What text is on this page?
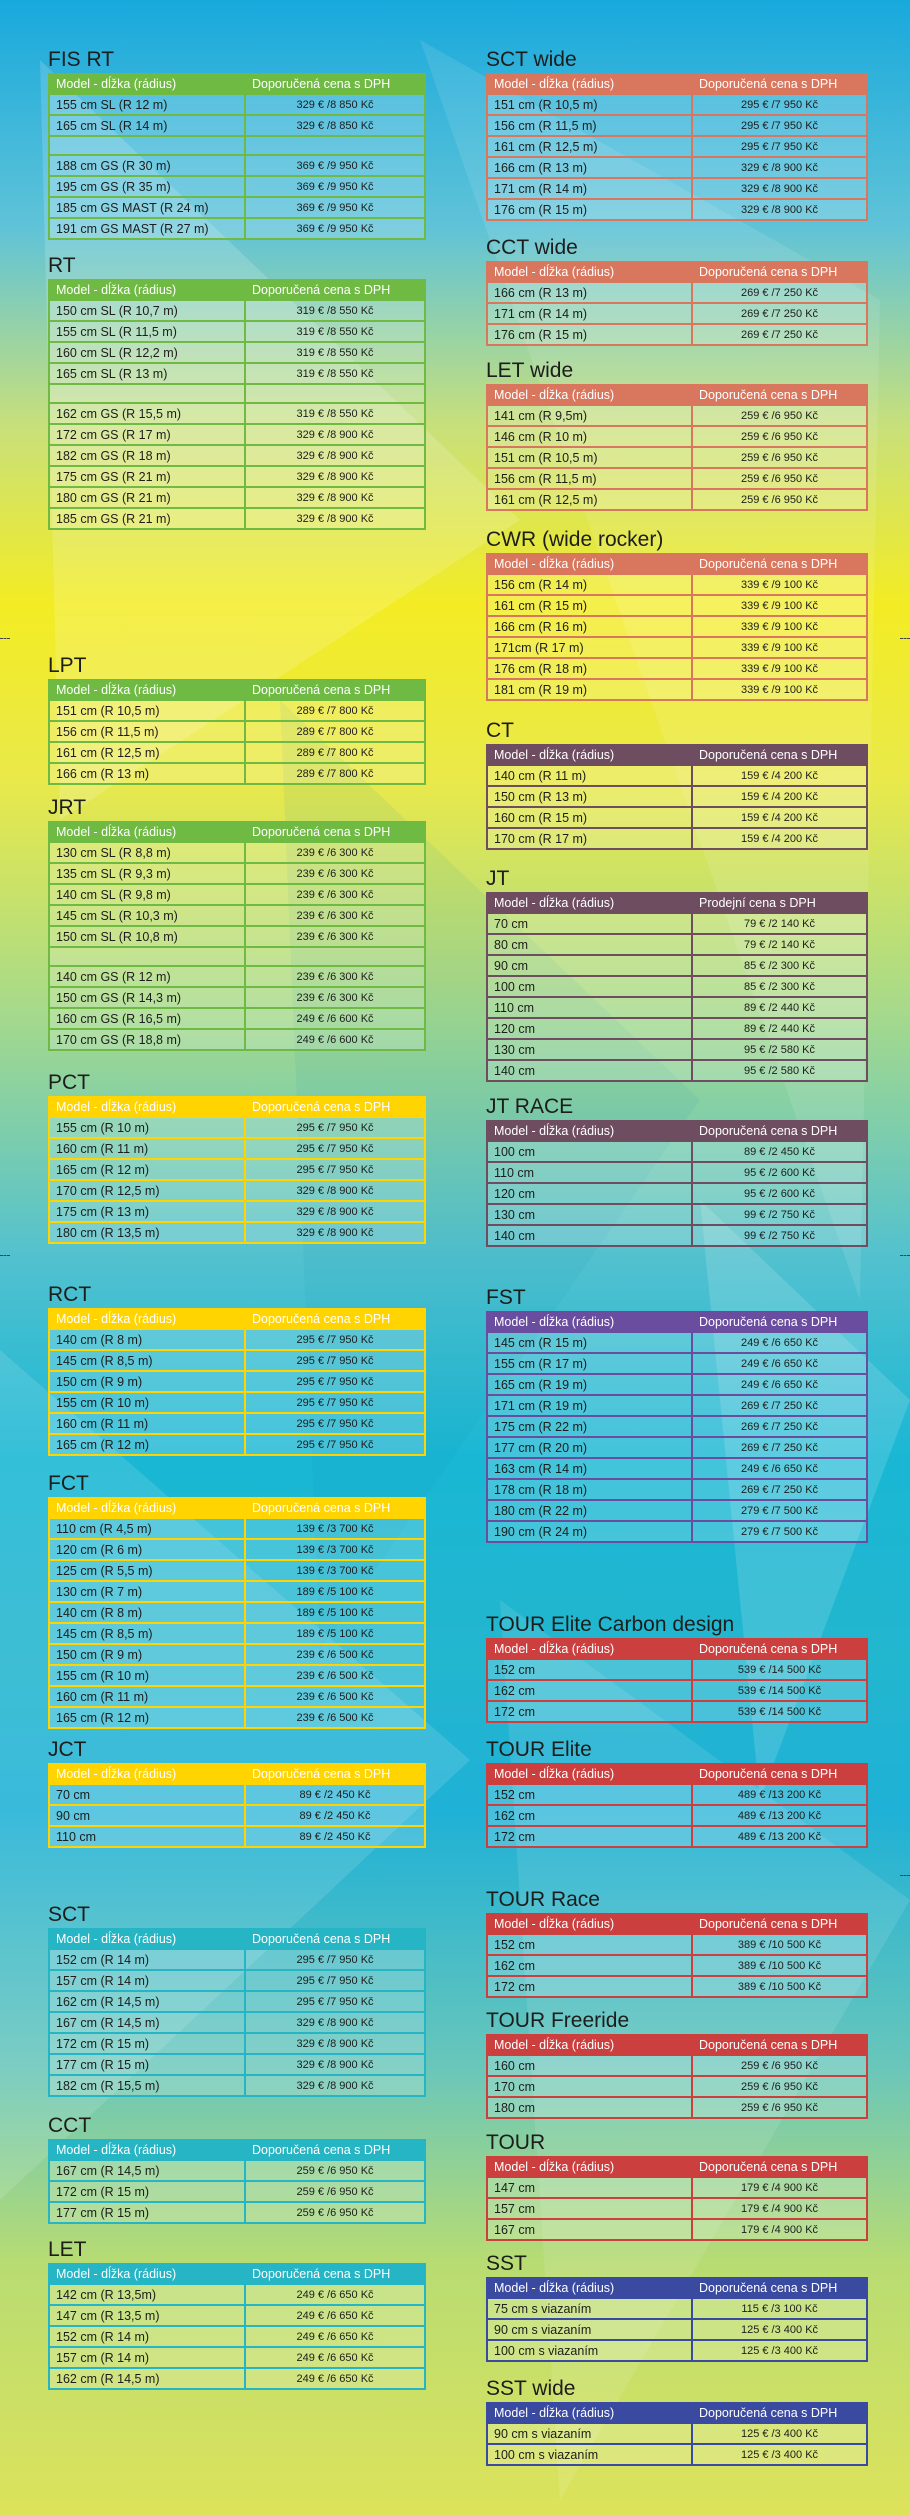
FIS RT
Model - dĺžka (rádius)	Doporučená cena s DPH
155 cm SL (R 12 m)	329 € /8 850 Kč
165 cm SL (R 14 m)	329 € /8 850 Kč

188 cm GS (R 30 m)	369 € /9 950 Kč
195 cm GS (R 35 m)	369 € /9 950 Kč
185 cm GS MAST (R 24 m)	369 € /9 950 Kč
191 cm GS MAST (R 27 m)	369 € /9 950 Kč
RT
Model - dĺžka (rádius)	Doporučená cena s DPH
150 cm SL (R 10,7 m)	319 € /8 550 Kč
155 cm SL (R 11,5 m)	319 € /8 550 Kč
160 cm SL (R 12,2 m)	319 € /8 550 Kč
165 cm SL (R 13 m)	319 € /8 550 Kč

162 cm GS (R 15,5 m)	319 € /8 550 Kč
172 cm GS (R 17 m)	329 € /8 900 Kč
182 cm GS (R 18 m)	329 € /8 900 Kč
175 cm GS (R 21 m)	329 € /8 900 Kč
180 cm GS (R 21 m)	329 € /8 900 Kč
185 cm GS (R 21 m)	329 € /8 900 Kč
LPT
Model - dĺžka (rádius)	Doporučená cena s DPH
151 cm (R 10,5 m)	289 € /7 800 Kč
156 cm (R 11,5 m)	289 € /7 800 Kč
161 cm (R 12,5 m)	289 € /7 800 Kč
166 cm (R 13 m)	289 € /7 800 Kč
JRT
Model - dĺžka (rádius)	Doporučená cena s DPH
130 cm SL (R 8,8 m)	239 € /6 300 Kč
135 cm SL (R 9,3 m)	239 € /6 300 Kč
140 cm SL (R 9,8 m)	239 € /6 300 Kč
145 cm SL (R 10,3 m)	239 € /6 300 Kč
150 cm SL (R 10,8 m)	239 € /6 300 Kč

140 cm GS (R 12 m)	239 € /6 300 Kč
150 cm GS (R 14,3 m)	239 € /6 300 Kč
160 cm GS (R 16,5 m)	249 € /6 600 Kč
170 cm GS (R 18,8 m)	249 € /6 600 Kč
PCT
Model - dĺžka (rádius)	Doporučená cena s DPH
155 cm (R 10 m)	295 € /7 950 Kč
160 cm (R 11 m)	295 € /7 950 Kč
165 cm (R 12 m)	295 € /7 950 Kč
170 cm (R 12,5 m)	329 € /8 900 Kč
175 cm (R 13 m)	329 € /8 900 Kč
180 cm (R 13,5 m)	329 € /8 900 Kč
RCT
Model - dĺžka (rádius)	Doporučená cena s DPH
140 cm (R 8 m)	295 € /7 950 Kč
145 cm (R 8,5 m)	295 € /7 950 Kč
150 cm (R 9 m)	295 € /7 950 Kč
155 cm (R 10 m)	295 € /7 950 Kč
160 cm (R 11 m)	295 € /7 950 Kč
165 cm (R 12 m)	295 € /7 950 Kč
FCT
Model - dĺžka (rádius)	Doporučená cena s DPH
110 cm (R 4,5 m)	139 € /3 700 Kč
120 cm (R 6 m)	139 € /3 700 Kč
125 cm (R 5,5 m)	139 € /3 700 Kč
130 cm (R 7 m)	189 € /5 100 Kč
140 cm (R 8 m)	189 € /5 100 Kč
145 cm (R 8,5 m)	189 € /5 100 Kč
150 cm (R 9 m)	239 € /6 500 Kč
155 cm (R 10 m)	239 € /6 500 Kč
160 cm (R 11 m)	239 € /6 500 Kč
165 cm (R 12 m)	239 € /6 500 Kč
JCT
Model - dĺžka (rádius)	Doporučená cena s DPH
70 cm	89 € /2 450 Kč
90 cm	89 € /2 450 Kč
110 cm	89 € /2 450 Kč
SCT
Model - dĺžka (rádius)	Doporučená cena s DPH
152 cm (R 14 m)	295 € /7 950 Kč
157 cm (R 14 m)	295 € /7 950 Kč
162 cm (R 14,5 m)	295 € /7 950 Kč
167 cm (R 14,5 m)	329 € /8 900 Kč
172 cm (R 15 m)	329 € /8 900 Kč
177 cm (R 15 m)	329 € /8 900 Kč
182 cm (R 15,5 m)	329 € /8 900 Kč
CCT
Model - dĺžka (rádius)	Doporučená cena s DPH
167 cm (R 14,5 m)	259 € /6 950 Kč
172 cm (R 15 m)	259 € /6 950 Kč
177 cm (R 15 m)	259 € /6 950 Kč
LET
Model - dĺžka (rádius)	Doporučená cena s DPH
142 cm (R 13,5m)	249 € /6 650 Kč
147 cm (R 13,5 m)	249 € /6 650 Kč
152 cm (R 14 m)	249 € /6 650 Kč
157 cm (R 14 m)	249 € /6 650 Kč
162 cm (R 14,5 m)	249 € /6 650 Kč
SCT wide
Model - dĺžka (rádius)	Doporučená cena s DPH
151 cm (R 10,5 m)	295 € /7 950 Kč
156 cm (R 11,5 m)	295 € /7 950 Kč
161 cm (R 12,5 m)	295 € /7 950 Kč
166 cm (R 13 m)	329 € /8 900 Kč
171 cm (R 14 m)	329 € /8 900 Kč
176 cm (R 15 m)	329 € /8 900 Kč
CCT wide
Model - dĺžka (rádius)	Doporučená cena s DPH
166 cm (R 13 m)	269 € /7 250 Kč
171 cm (R 14 m)	269 € /7 250 Kč
176 cm (R 15 m)	269 € /7 250 Kč
LET wide
Model - dĺžka (rádius)	Doporučená cena s DPH
141 cm (R 9,5m)	259 € /6 950 Kč
146 cm (R 10 m)	259 € /6 950 Kč
151 cm (R 10,5 m)	259 € /6 950 Kč
156 cm (R 11,5 m)	259 € /6 950 Kč
161 cm (R 12,5 m)	259 € /6 950 Kč
CWR (wide rocker)
Model - dĺžka (rádius)	Doporučená cena s DPH
156 cm (R 14 m)	339 € /9 100 Kč
161 cm (R 15 m)	339 € /9 100 Kč
166 cm (R 16 m)	339 € /9 100 Kč
171cm (R 17 m)	339 € /9 100 Kč
176 cm (R 18 m)	339 € /9 100 Kč
181 cm (R 19 m)	339 € /9 100 Kč
CT
Model - dĺžka (rádius)	Doporučená cena s DPH
140 cm (R 11 m)	159 € /4 200 Kč
150 cm (R 13 m)	159 € /4 200 Kč
160 cm (R 15 m)	159 € /4 200 Kč
170 cm (R 17 m)	159 € /4 200 Kč
JT
Model - dĺžka (rádius)	Prodejní cena s DPH
70 cm	79 € /2 140 Kč
80 cm	79 € /2 140 Kč
90 cm	85 € /2 300 Kč
100 cm	85 € /2 300 Kč
110 cm	89 € /2 440 Kč
120 cm	89 € /2 440 Kč
130 cm	95 € /2 580 Kč
140 cm	95 € /2 580 Kč
JT RACE
Model - dĺžka (rádius)	Doporučená cena s DPH
100 cm	89 € /2 450 Kč
110 cm	95 € /2 600 Kč
120 cm	95 € /2 600 Kč
130 cm	99 € /2 750 Kč
140 cm	99 € /2 750 Kč
FST
Model - dĺžka (rádius)	Doporučená cena s DPH
145 cm (R 15 m)	249 € /6 650 Kč
155 cm (R 17 m)	249 € /6 650 Kč
165 cm (R 19 m)	249 € /6 650 Kč
171 cm (R 19 m)	269 € /7 250 Kč
175 cm (R 22 m)	269 € /7 250 Kč
177 cm (R 20 m)	269 € /7 250 Kč
163 cm (R 14 m)	249 € /6 650 Kč
178 cm (R 18 m)	269 € /7 250 Kč
180 cm (R 22 m)	279 € /7 500 Kč
190 cm (R 24 m)	279 € /7 500 Kč
TOUR Elite Carbon design
Model - dĺžka (rádius)	Doporučená cena s DPH
152 cm	539 € /14 500 Kč
162 cm	539 € /14 500 Kč
172 cm	539 € /14 500 Kč
TOUR Elite
Model - dĺžka (rádius)	Doporučená cena s DPH
152 cm	489 € /13 200 Kč
162 cm	489 € /13 200 Kč
172 cm	489 € /13 200 Kč
TOUR Race
Model - dĺžka (rádius)	Doporučená cena s DPH
152 cm	389 € /10 500 Kč
162 cm	389 € /10 500 Kč
172 cm	389 € /10 500 Kč
TOUR Freeride
Model - dĺžka (rádius)	Doporučená cena s DPH
160 cm	259 € /6 950 Kč
170 cm	259 € /6 950 Kč
180 cm	259 € /6 950 Kč
TOUR
Model - dĺžka (rádius)	Doporučená cena s DPH
147 cm	179 € /4 900 Kč
157 cm	179 € /4 900 Kč
167 cm	179 € /4 900 Kč
SST
Model - dĺžka (rádius)	Doporučená cena s DPH
75 cm s viazaním	115 € /3 100 Kč
90 cm s viazaním	125 € /3 400 Kč
100 cm s viazaním	125 € /3 400 Kč
SST wide
Model - dĺžka (rádius)	Doporučená cena s DPH
90 cm s viazaním	125 € /3 400 Kč
100 cm s viazaním	125 € /3 400 Kč
